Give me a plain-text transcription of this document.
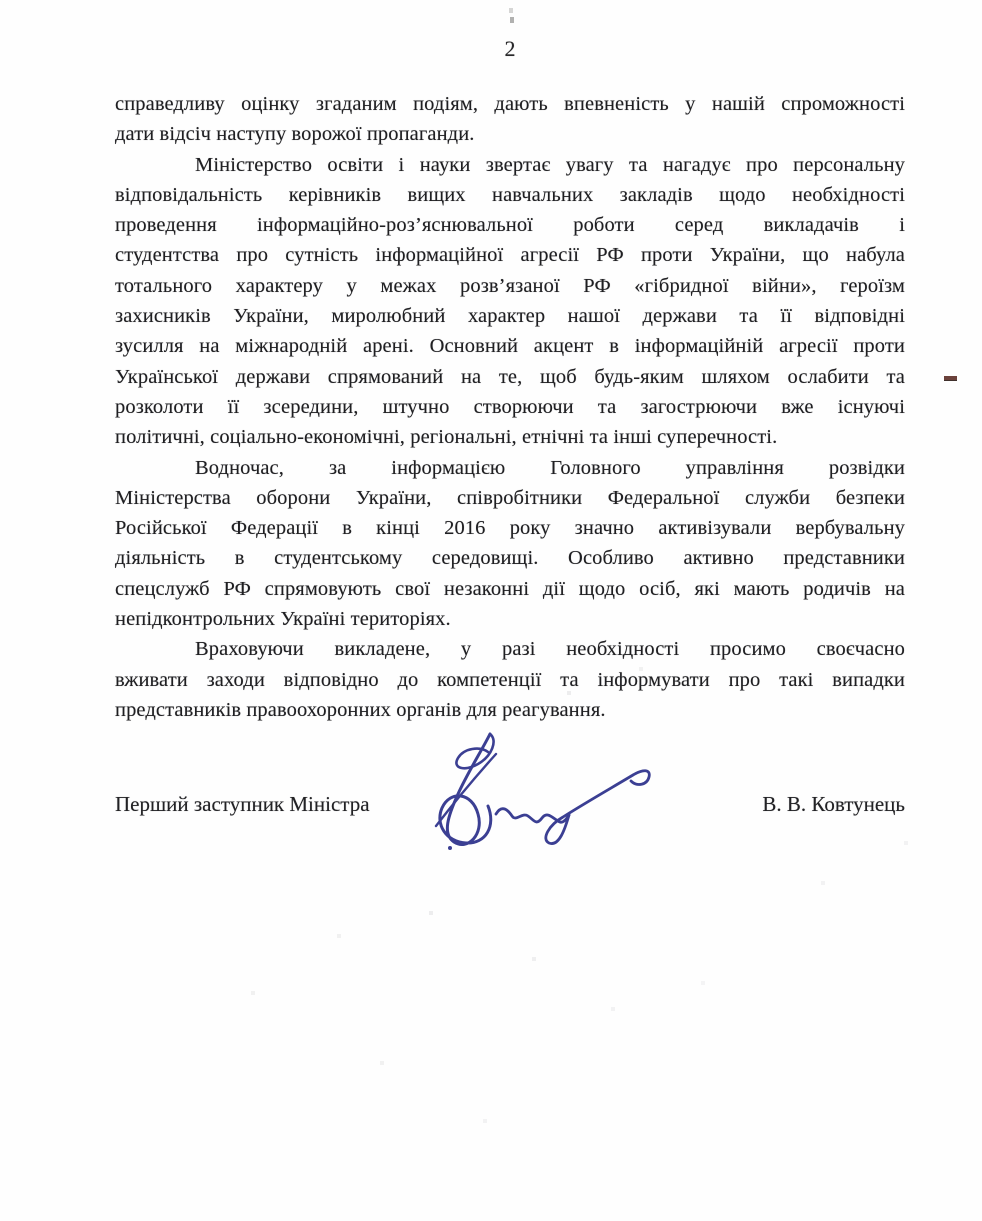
2
справедливу оцінку згаданим подіям, дають впевненість у нашій спроможності
дати відсіч наступу ворожої пропаганди.
Міністерство освіти і науки звертає увагу та нагадує про персональну
відповідальність керівників вищих навчальних закладів щодо необхідності
проведення інформаційно-роз’яснювальної роботи серед викладачів і
студентства про сутність інформаційної агресії РФ проти України, що набула
тотального характеру у межах розв’язаної РФ «гібридної війни», героїзм
захисників України, миролюбний характер нашої держави та її відповідні
зусилля на міжнародній арені. Основний акцент в інформаційній агресії проти
Української держави спрямований на те, щоб будь-яким шляхом ослабити та
розколоти її зсередини, штучно створюючи та загострюючи вже існуючі
політичні, соціально-економічні, регіональні, етнічні та інші суперечності.
Водночас, за інформацією Головного управління розвідки
Міністерства оборони України, співробітники Федеральної служби безпеки
Російської Федерації в кінці 2016 року значно активізували вербувальну
діяльність в студентському середовищі. Особливо активно представники
спецслужб РФ спрямовують свої незаконні дії щодо осіб, які мають родичів на
непідконтрольних Україні територіях.
Враховуючи викладене, у разі необхідності просимо своєчасно
вживати заходи відповідно до компетенції та інформувати про такі випадки
представників правоохоронних органів для реагування.
Перший заступник Міністра	В. В. Ковтунець
